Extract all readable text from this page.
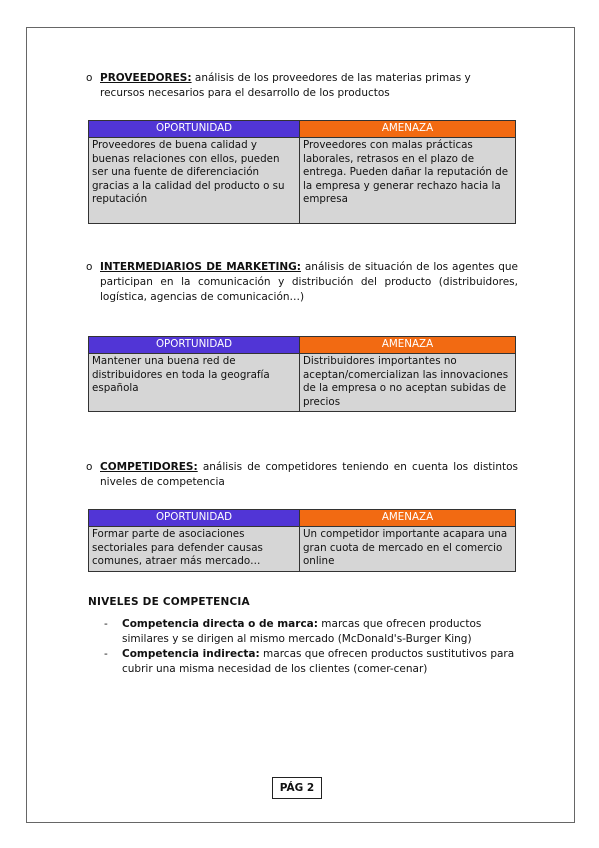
o PROVEEDORES: análisis de los proveedores de las materias primas y recursos necesarios para el desarrollo de los productos
OPORTUNIDAD	AMENAZA
Proveedores de buena calidad y buenas relaciones con ellos, pueden ser una fuente de diferenciación gracias a la calidad del producto o su reputación	Proveedores con malas prácticas laborales, retrasos en el plazo de entrega. Pueden dañar la reputación de la empresa y generar rechazo hacia la empresa
o INTERMEDIARIOS DE MARKETING: análisis de situación de los agentes que participan en la comunicación y distribución del producto (distribuidores, logística, agencias de comunicación…)
OPORTUNIDAD	AMENAZA
Mantener una buena red de distribuidores en toda la geografía española	Distribuidores importantes no aceptan/comercializan las innovaciones de la empresa o no aceptan subidas de precios
o COMPETIDORES: análisis de competidores teniendo en cuenta los distintos niveles de competencia
OPORTUNIDAD	AMENAZA
Formar parte de asociaciones sectoriales para defender causas comunes, atraer más mercado…	Un competidor importante acapara una gran cuota de mercado en el comercio online
NIVELES DE COMPETENCIA
- Competencia directa o de marca: marcas que ofrecen productos similares y se dirigen al mismo mercado (McDonald's-Burger King)
- Competencia indirecta: marcas que ofrecen productos sustitutivos para cubrir una misma necesidad de los clientes (comer-cenar)
PÁG 2
